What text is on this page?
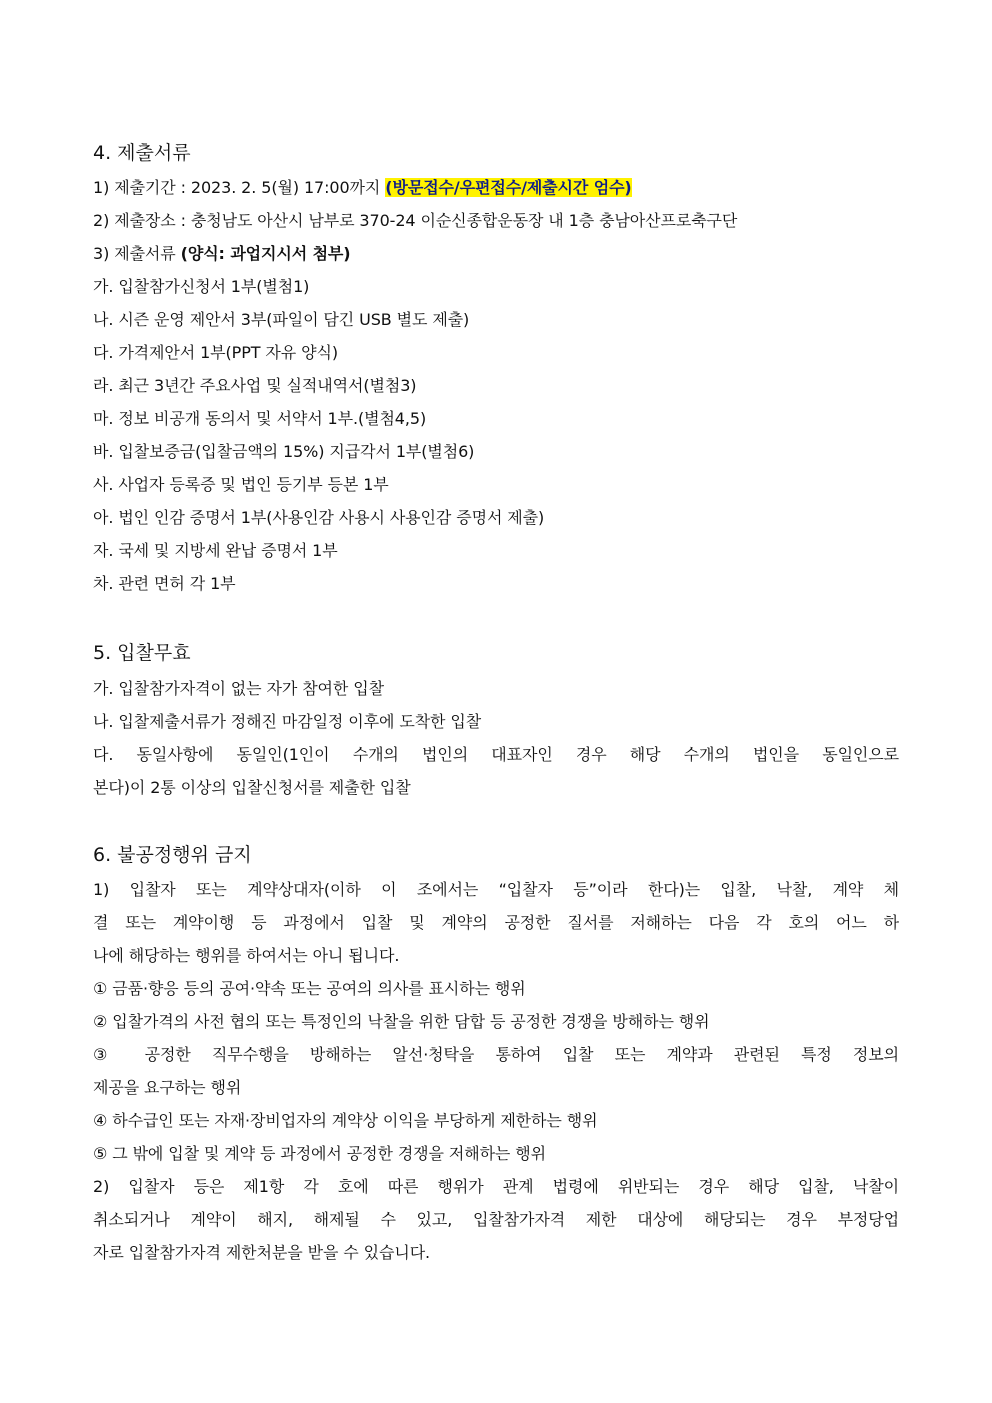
4. 제출서류
1) 제출기간 : 2023. 2. 5(월) 17:00까지 (방문접수/우편접수/제출시간 엄수)
2) 제출장소 : 충청남도 아산시 남부로 370-24 이순신종합운동장 내 1층 충남아산프로축구단
3) 제출서류 (양식: 과업지시서 첨부)
가. 입찰참가신청서 1부(별첨1)
나. 시즌 운영 제안서 3부(파일이 담긴 USB 별도 제출)
다. 가격제안서 1부(PPT 자유 양식)
라. 최근 3년간 주요사업 및 실적내역서(별첨3)
마. 정보 비공개 동의서 및 서약서 1부.(별첨4,5)
바. 입찰보증금(입찰금액의 15%) 지급각서 1부(별첨6)
사. 사업자 등록증 및 법인 등기부 등본 1부
아. 법인 인감 증명서 1부(사용인감 사용시 사용인감 증명서 제출)
자. 국세 및 지방세 완납 증명서 1부
차. 관련 면허 각 1부
5. 입찰무효
가. 입찰참가자격이 없는 자가 참여한 입찰
나. 입찰제출서류가 정해진 마감일정 이후에 도착한 입찰
다. 동일사항에 동일인(1인이 수개의 법인의 대표자인 경우 해당 수개의 법인을 동일인으로
본다)이 2통 이상의 입찰신청서를 제출한 입찰
6. 불공정행위 금지
1) 입찰자 또는 계약상대자(이하 이 조에서는 “입찰자 등”이라 한다)는 입찰, 낙찰, 계약 체
결 또는 계약이행 등 과정에서 입찰 및 계약의 공정한 질서를 저해하는 다음 각 호의 어느 하
나에 해당하는 행위를 하여서는 아니 됩니다.
① 금품·향응 등의 공여·약속 또는 공여의 의사를 표시하는 행위
② 입찰가격의 사전 협의 또는 특정인의 낙찰을 위한 담합 등 공정한 경쟁을 방해하는 행위
③ 공정한 직무수행을 방해하는 알선·청탁을 통하여 입찰 또는 계약과 관련된 특정 정보의
제공을 요구하는 행위
④ 하수급인 또는 자재·장비업자의 계약상 이익을 부당하게 제한하는 행위
⑤ 그 밖에 입찰 및 계약 등 과정에서 공정한 경쟁을 저해하는 행위
2) 입찰자 등은 제1항 각 호에 따른 행위가 관계 법령에 위반되는 경우 해당 입찰, 낙찰이
취소되거나 계약이 해지, 해제될 수 있고, 입찰참가자격 제한 대상에 해당되는 경우 부정당업
자로 입찰참가자격 제한처분을 받을 수 있습니다.
